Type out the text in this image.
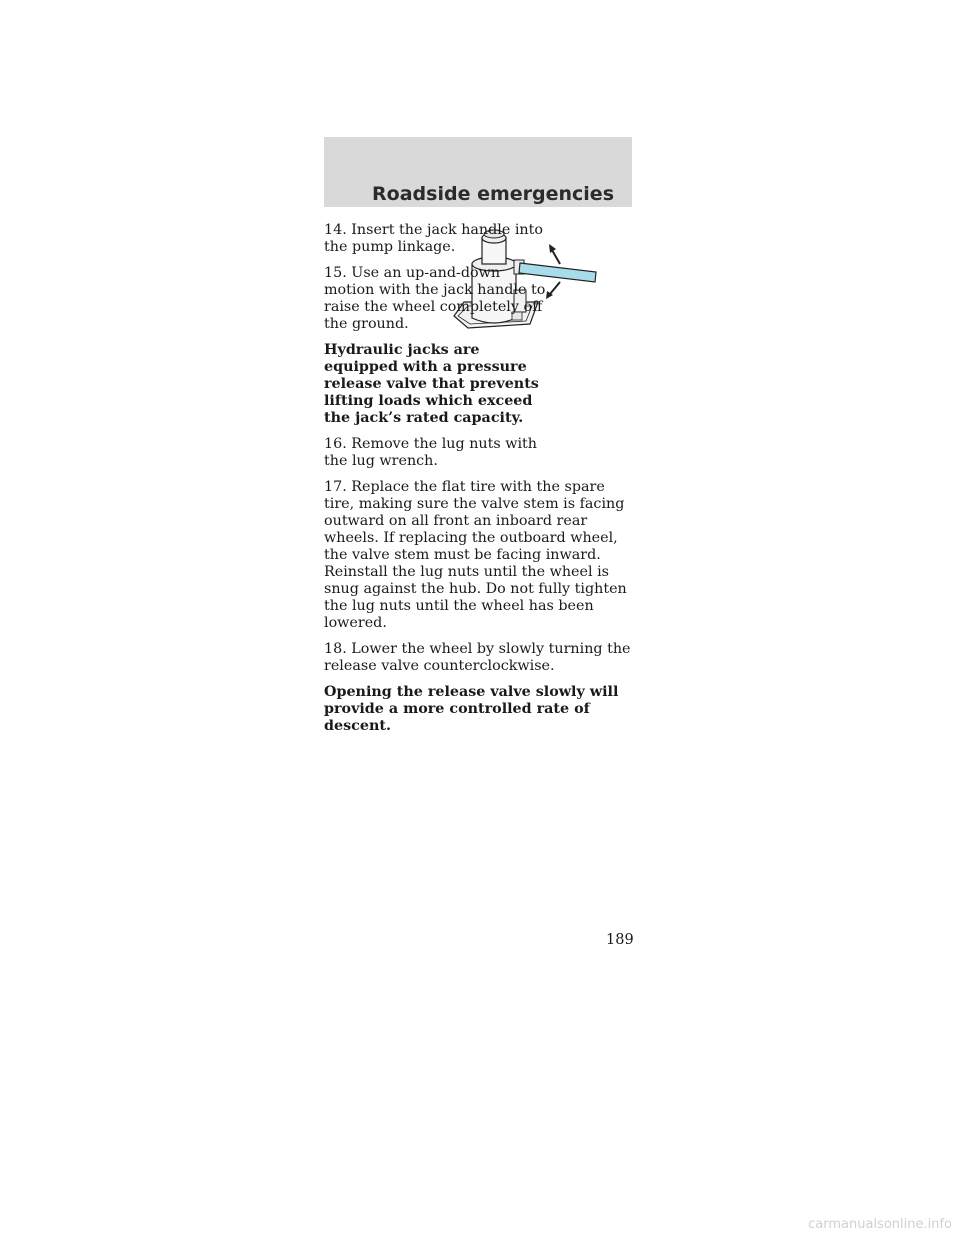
Roadside emergencies

14. Insert the jack handle into the pump linkage.

15. Use an up-and-down motion with the jack handle to raise the wheel completely off the ground.

Hydraulic jacks are equipped with a pressure release valve that prevents lifting loads which exceed the jack’s rated capacity.

16. Remove the lug nuts with the lug wrench.

17. Replace the flat tire with the spare tire, making sure the valve stem is facing outward on all front an inboard rear wheels. If replacing the outboard wheel, the valve stem must be facing inward. Reinstall the lug nuts until the wheel is snug against the hub. Do not fully tighten the lug nuts until the wheel has been lowered.

18. Lower the wheel by slowly turning the release valve counterclockwise.

Opening the release valve slowly will provide a more controlled rate of descent.

189
carmanualsonline.info
